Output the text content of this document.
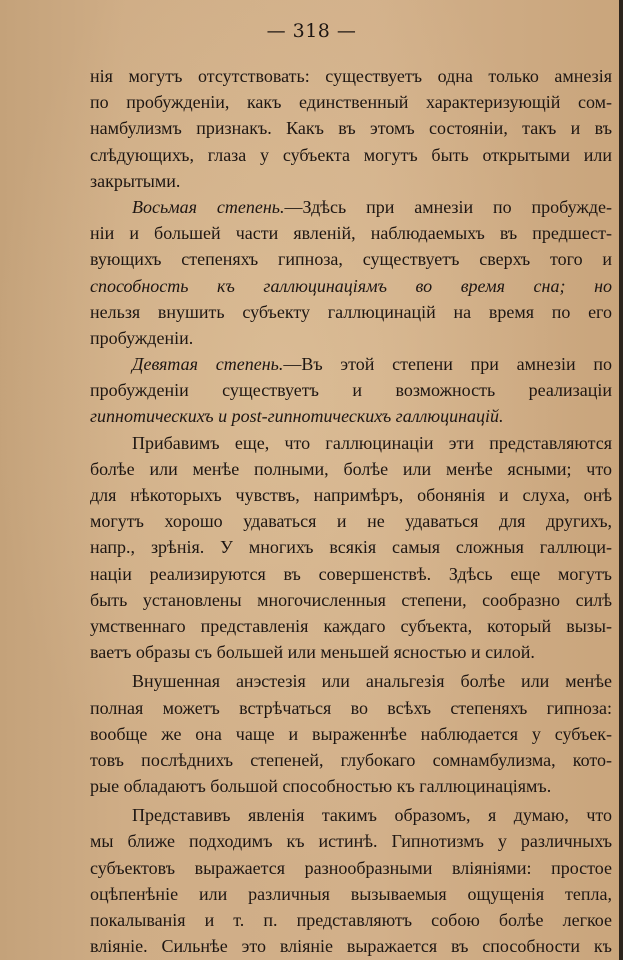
— 318 —
нія могутъ отсутствовать: существуетъ одна только амнезія
по пробужденіи, какъ единственный характеризующій сом-
намбулизмъ признакъ. Какъ въ этомъ состояніи, такъ и въ
слѣдующихъ, глаза у субъекта могутъ быть открытыми или
закрытыми.
Восьмая степень.—Здѣсь при амнезіи по пробужде-
ніи и большей части явленій, наблюдаемыхъ въ предшест-
вующихъ степеняхъ гипноза, существуетъ сверхъ того и
способность къ галлюцинаціямъ во время сна; но
нельзя внушить субъекту галлюцинацій на время по его
пробужденіи.
Девятая степень.—Въ этой степени при амнезіи по
пробужденіи существуетъ и возможность реализаціи
гипнотическихъ и post-гипнотическихъ галлюцинацій.
Прибавимъ еще, что галлюцинаціи эти представляются
болѣе или менѣе полными, болѣе или менѣе ясными; что
для нѣкоторыхъ чувствъ, напримѣръ, обонянія и слуха, онѣ
могутъ хорошо удаваться и не удаваться для другихъ,
напр., зрѣнія. У многихъ всякія самыя сложныя галлюци-
націи реализируются въ совершенствѣ. Здѣсь еще могутъ
быть установлены многочисленныя степени, сообразно силѣ
умственнаго представленія каждаго субъекта, который вызы-
ваетъ образы съ большей или меньшей ясностью и силой.
Внушенная анэстезія или анальгезія болѣе или менѣе
полная можетъ встрѣчаться во всѣхъ степеняхъ гипноза:
вообще же она чаще и выраженнѣе наблюдается у субъек-
товъ послѣднихъ степеней, глубокаго сомнамбулизма, кото-
рые обладаютъ большой способностью къ галлюцинаціямъ.
Представивъ явленія такимъ образомъ, я думаю, что
мы ближе подходимъ къ истинѣ. Гипнотизмъ у различныхъ
субъектовъ выражается разнообразными вліяніями: простое
оцѣпенѣніе или различныя вызываемыя ощущенія тепла,
покалыванія и т. п. представляютъ собою болѣе легкое
вліяніе. Сильнѣе это вліяніе выражается въ способности къ
